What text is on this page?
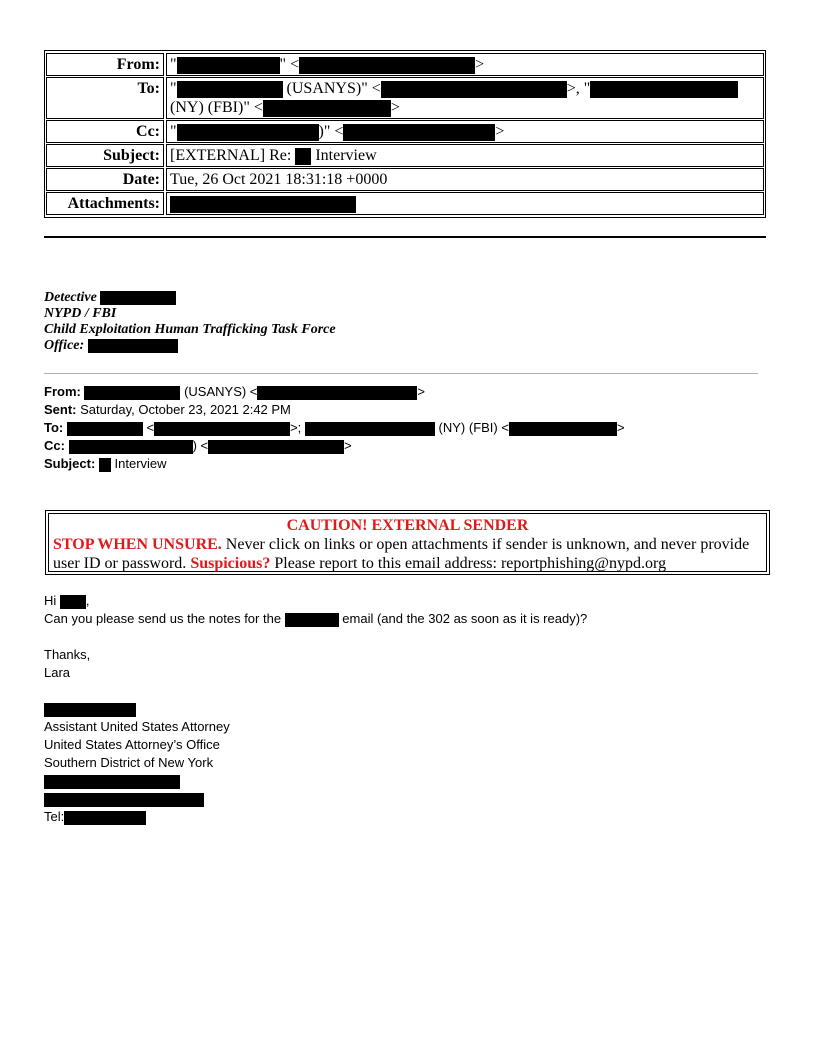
From: "	" <	>
To: "	(USANYS)" <	>, "
(NY) (FBI)" <	>
Cc: "	)" <	>
Subject: [EXTERNAL] Re:  Interview
Date: Tue, 26 Oct 2021 18:31:18 +0000
Attachments:
Detective
NYPD / FBI
Child Exploitation Human Trafficking Task Force
Office:
From:	(USANYS) <	>
Sent: Saturday, October 23, 2021 2:42 PM
To:	<	>;	(NY) (FBI) <	>
Cc:	) <	>
Subject:  Interview
CAUTION! EXTERNAL SENDER
STOP WHEN UNSURE. Never click on links or open attachments if sender is unknown, and never provide user ID or password. Suspicious? Please report to this email address: reportphishing@nypd.org

Hi ,

Can you please send us the notes for the	email (and the 302 as soon as it is ready)?

Thanks,

Lara

Assistant United States Attorney

United States Attorney’s Office

Southern District of New York

Tel:
